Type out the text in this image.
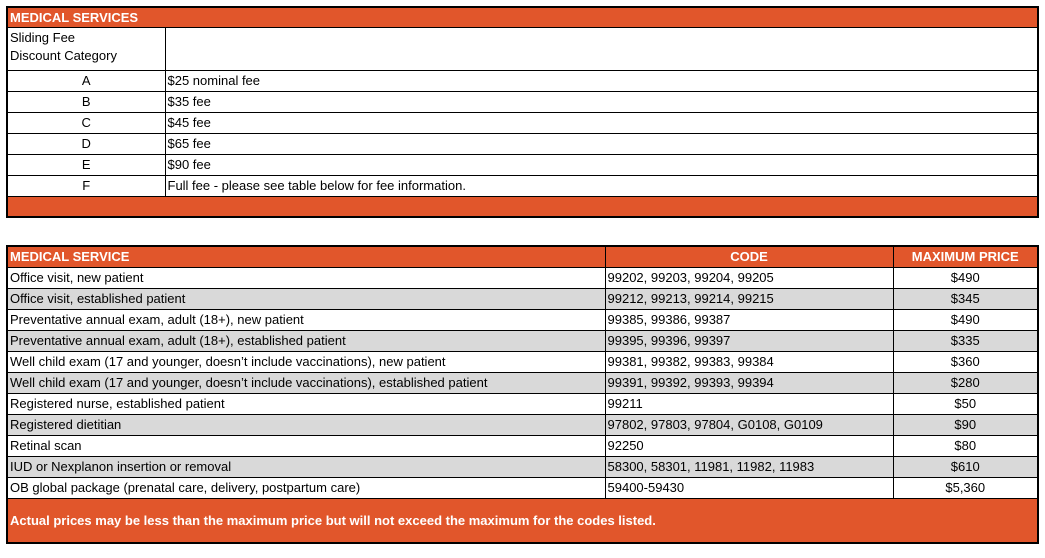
MEDICAL SERVICES	

Sliding Fee
Discount Category	

A	$25 nominal fee
B	$35 fee
C	$45 fee
D	$65 fee
E	$90 fee
F	Full fee - please see table below for fee information.

MEDICAL SERVICE	CODE	MAXIMUM PRICE
Office visit, new patient	99202, 99203, 99204, 99205	$490
Office visit, established patient	99212, 99213, 99214, 99215	$345
Preventative annual exam, adult (18+), new patient	99385, 99386, 99387	$490
Preventative annual exam, adult (18+), established patient	99395, 99396, 99397	$335
Well child exam (17 and younger, doesn’t include vaccinations), new patient	99381, 99382, 99383, 99384	$360
Well child exam (17 and younger, doesn’t include vaccinations), established patient	99391, 99392, 99393, 99394	$280
Registered nurse, established patient	99211	$50
Registered dietitian	97802, 97803, 97804, G0108, G0109	$90
Retinal scan	92250	$80
IUD or Nexplanon insertion or removal	58300, 58301, 11981, 11982, 11983	$610
OB global package (prenatal care, delivery, postpartum care)	59400-59430	$5,360
Actual prices may be less than the maximum price but will not exceed the maximum for the codes listed.		
